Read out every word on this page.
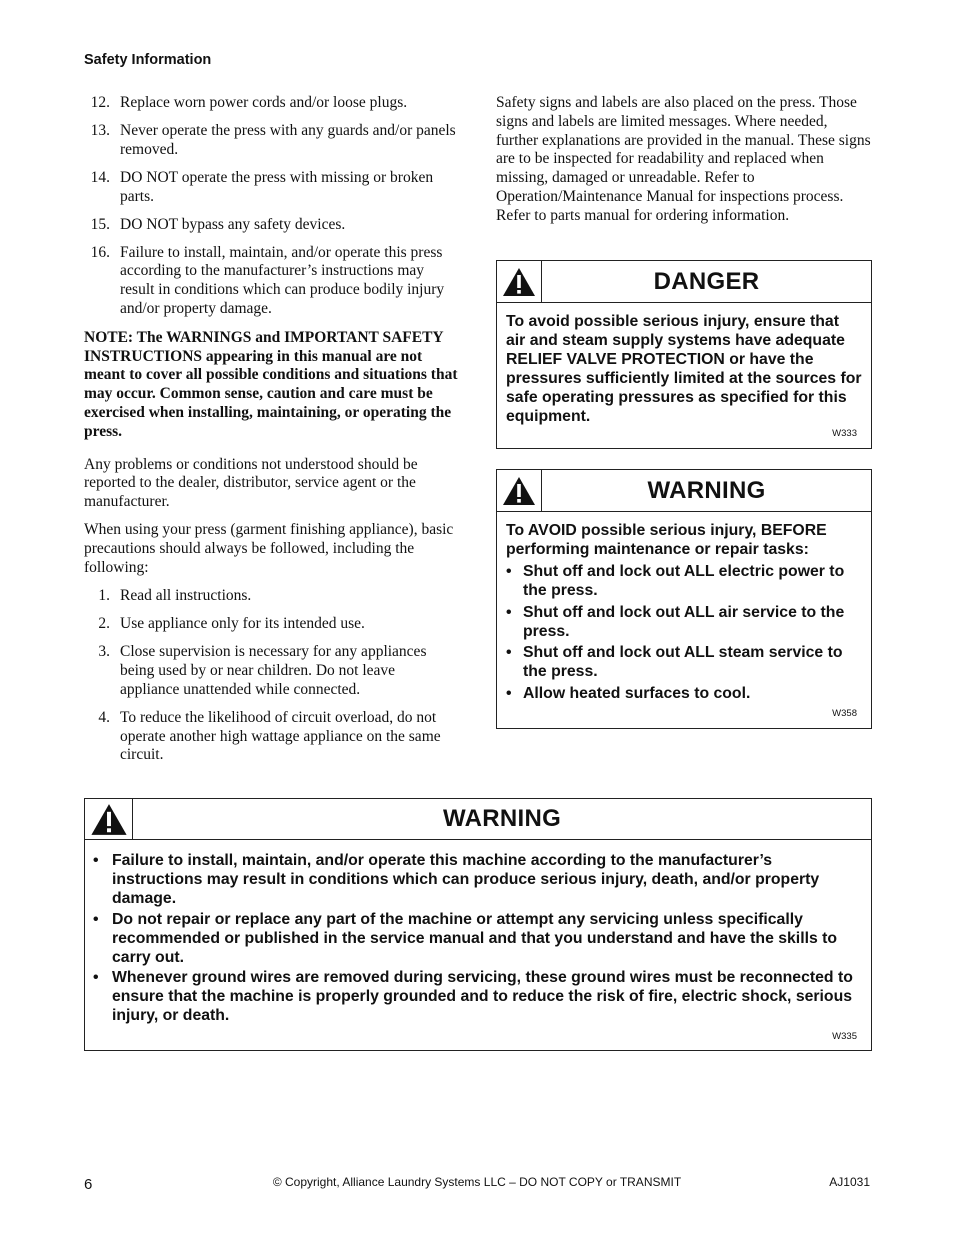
Safety Information
12. Replace worn power cords and/or loose plugs.
13. Never operate the press with any guards and/or panels removed.
14. DO NOT operate the press with missing or broken parts.
15. DO NOT bypass any safety devices.
16. Failure to install, maintain, and/or operate this press according to the manufacturer’s instructions may result in conditions which can produce bodily injury and/or property damage.

NOTE: The WARNINGS and IMPORTANT SAFETY INSTRUCTIONS appearing in this manual are not meant to cover all possible conditions and situations that may occur. Common sense, caution and care must be exercised when installing, maintaining, or operating the press.

Any problems or conditions not understood should be reported to the dealer, distributor, service agent or the manufacturer.

When using your press (garment finishing appliance), basic precautions should always be followed, including the following:

1. Read all instructions.
2. Use appliance only for its intended use.
3. Close supervision is necessary for any appliances being used by or near children. Do not leave appliance unattended while connected.
4. To reduce the likelihood of circuit overload, do not operate another high wattage appliance on the same circuit.

Safety signs and labels are also placed on the press. Those signs and labels are limited messages. Where needed, further explanations are provided in the manual. These signs are to be inspected for readability and replaced when missing, damaged or unreadable. Refer to Operation/Maintenance Manual for inspections process. Refer to parts manual for ordering information.

DANGER
To avoid possible serious injury, ensure that air and steam supply systems have adequate RELIEF VALVE PROTECTION or have the pressures sufficiently limited at the sources for safe operating pressures as specified for this equipment.
W333
WARNING
To AVOID possible serious injury, BEFORE performing maintenance or repair tasks:
• Shut off and lock out ALL electric power to the press.
• Shut off and lock out ALL air service to the press.
• Shut off and lock out ALL steam service to the press.
• Allow heated surfaces to cool.
W358
WARNING
• Failure to install, maintain, and/or operate this machine according to the manufacturer’s instructions may result in conditions which can produce serious injury, death, and/or property damage.
• Do not repair or replace any part of the machine or attempt any servicing unless specifically recommended or published in the service manual and that you understand and have the skills to carry out.
• Whenever ground wires are removed during servicing, these ground wires must be reconnected to ensure that the machine is properly grounded and to reduce the risk of fire, electric shock, serious injury, or death.
W335
6	© Copyright, Alliance Laundry Systems LLC – DO NOT COPY or TRANSMIT	AJ1031
